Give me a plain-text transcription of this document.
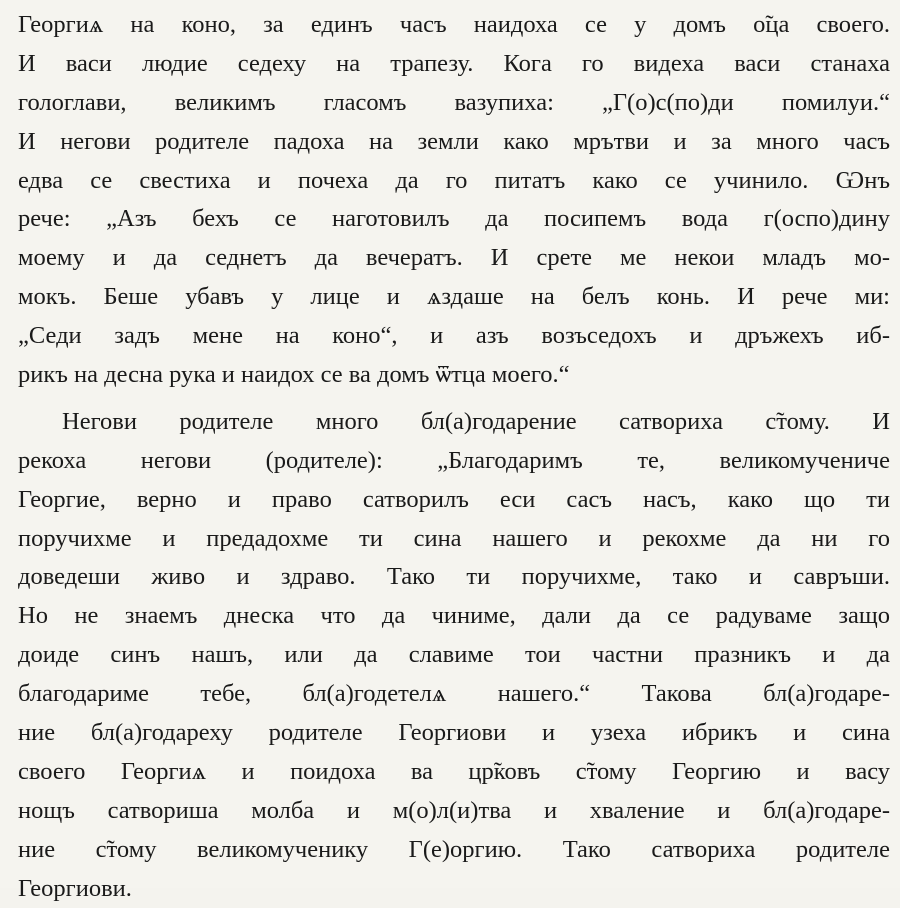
Георгиѧ на коно, за единъ часъ наидоха се у домъ о̃ца своего.
И васи людие седеху на трапезу. Кога го видеха васи станаха
гологлави, великимъ гласомъ вазупиха: „Г(о)с(по)ди помилуи.“
И негови родителе падоха на земли како мрътви и за много часъ
едва се свестиха и почеха да го питатъ како се учинило. Ѡнъ
рече: „Азъ бехъ се наготовилъ да посипемъ вода г(оспо)дину
моему и да седнетъ да вечератъ. И срете ме некои младъ мо-
мокъ. Беше убавъ у лице и ѧздаше на белъ конь. И рече ми:
„Седи задъ мене на коно“, и азъ возъседохъ и дръжехъ иб-
рикъ на десна рука и наидох се ва домъ ѿтца моего.“
Негови родителе много бл(а)годарение сатвориха с̃тому. И
рекоха негови (родителе): „Благодаримъ те, великомучениче
Георгие, верно и право сатворилъ еси сасъ насъ, како що ти
поручихме и предадохме ти сина нашего и рекохме да ни го
доведеши живо и здраво. Тако ти поручихме, тако и савръши.
Но не знаемъ днеска что да чиниме, дали да се радуваме защо
доиде синъ нашъ, или да славиме тои частни празникъ и да
благодариме тебе, бл(а)годетелѧ нашего.“ Такова бл(а)годаре-
ние бл(а)годареху родителе Георгиови и узеха ибрикъ и сина
своего Георгиѧ и поидоха ва цр̃ковъ с̃тому Георгию и васу
нощъ сатвориша молба и м(о)л(и)тва и хваление и бл(а)годаре-
ние с̃тому великомученику Г(е)оргию. Тако сатвориха родителе
Георгиови.
